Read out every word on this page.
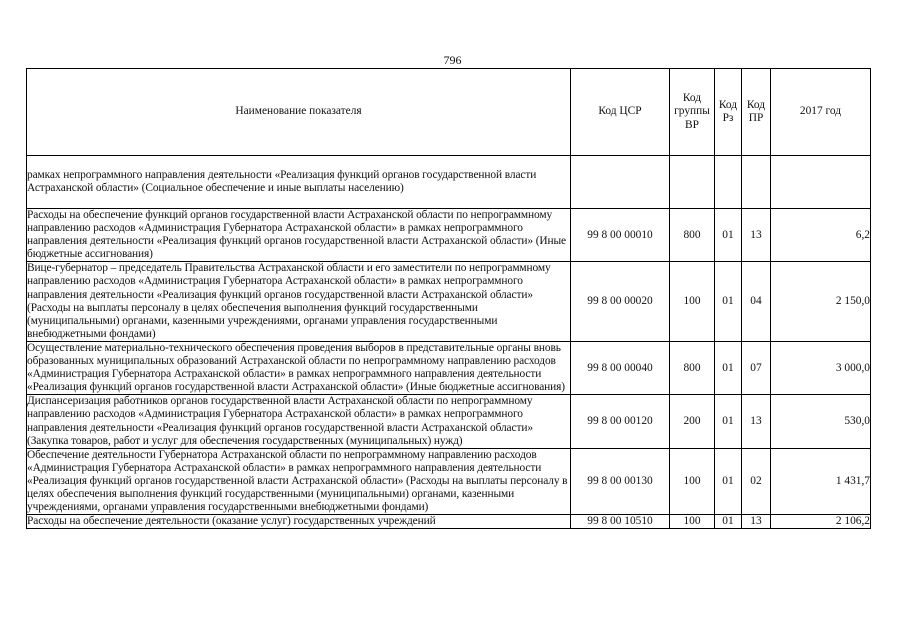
796
Наименование показателя	Код ЦСР	Код группы ВР	Код Рз	Код ПР	2017 год
рамках непрограммного направления деятельности «Реализация функций органов государственной власти Астраханской области» (Социальное обеспечение и иные выплаты населению)					
Расходы на обеспечение функций органов государственной власти Астраханской области по непрограммному направлению расходов «Администрация Губернатора Астраханской области» в рамках непрограммного направления деятельности «Реализация функций органов государственной власти Астраханской области» (Иные бюджетные ассигнования)	99 8 00 00010	800	01	13	6,2
Вице-губернатор – председатель Правительства Астраханской области и его заместители по непрограммному направлению расходов «Администрация Губернатора Астраханской области» в рамках непрограммного направления деятельности «Реализация функций органов государственной власти Астраханской области» (Расходы на выплаты персоналу в целях обеспечения выполнения функций государственными (муниципальными) органами, казенными учреждениями, органами управления государственными внебюджетными фондами)	99 8 00 00020	100	01	04	2 150,0
Осуществление материально-технического обеспечения проведения выборов в представительные органы вновь образованных муниципальных образований Астраханской области по непрограммному направлению расходов «Администрация Губернатора Астраханской области» в рамках непрограммного направления деятельности «Реализация функций органов государственной власти Астраханской области» (Иные бюджетные ассигнования)	99 8 00 00040	800	01	07	3 000,0
Диспансеризация работников органов государственной власти Астраханской области по непрограммному направлению расходов «Администрация Губернатора Астраханской области» в рамках непрограммного направления деятельности «Реализация функций органов государственной власти Астраханской области» (Закупка товаров, работ и услуг для обеспечения государственных (муниципальных) нужд)	99 8 00 00120	200	01	13	530,0
Обеспечение деятельности Губернатора Астраханской области по непрограммному направлению расходов «Администрация Губернатора Астраханской области» в рамках непрограммного направления деятельности «Реализация функций органов государственной власти Астраханской области» (Расходы на выплаты персоналу в целях обеспечения выполнения функций государственными (муниципальными) органами, казенными учреждениями, органами управления государственными внебюджетными фондами)	99 8 00 00130	100	01	02	1 431,7
Расходы на обеспечение деятельности (оказание услуг) государственных учреждений	99 8 00 10510	100	01	13	2 106,2
